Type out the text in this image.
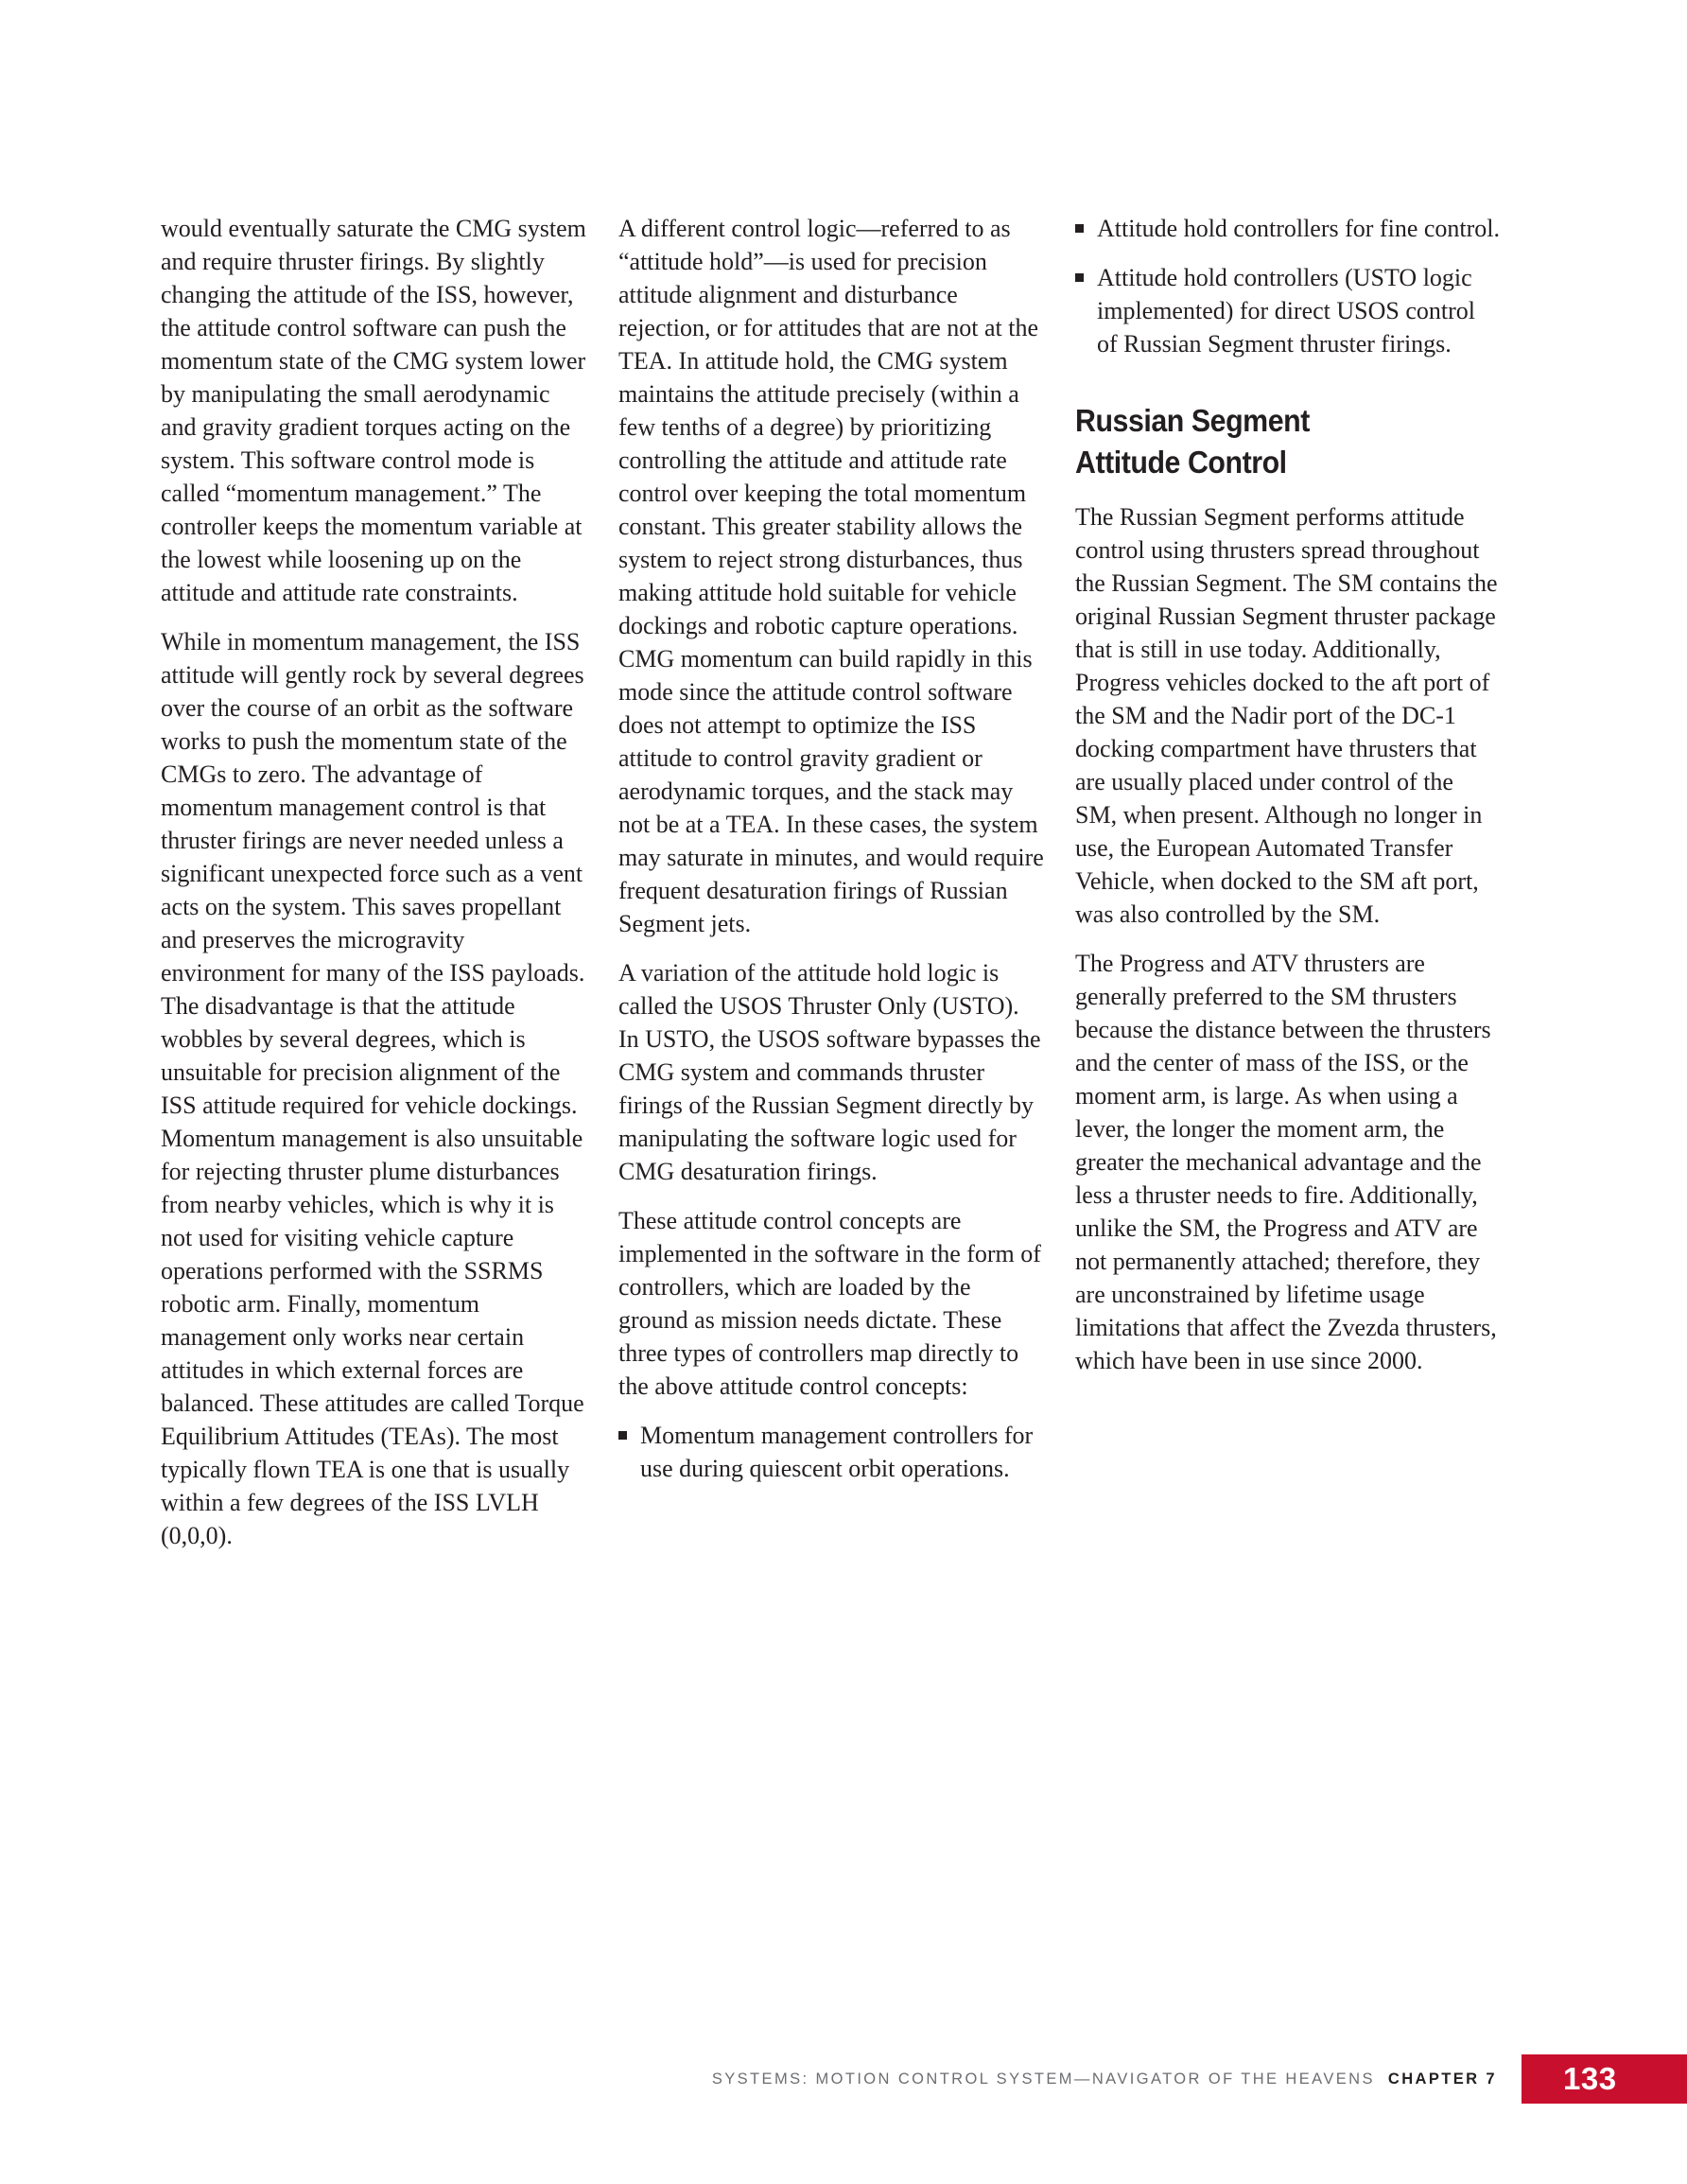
would eventually saturate the CMG system and require thruster firings. By slightly changing the attitude of the ISS, however, the attitude control software can push the momentum state of the CMG system lower by manipulating the small aerodynamic and gravity gradient torques acting on the system. This software control mode is called “momentum management.” The controller keeps the momentum variable at the lowest while loosening up on the attitude and attitude rate constraints.

While in momentum management, the ISS attitude will gently rock by several degrees over the course of an orbit as the software works to push the momentum state of the CMGs to zero. The advantage of momentum management control is that thruster firings are never needed unless a significant unexpected force such as a vent acts on the system. This saves propellant and preserves the microgravity environment for many of the ISS payloads. The disadvantage is that the attitude wobbles by several degrees, which is unsuitable for precision alignment of the ISS attitude required for vehicle dockings. Momentum management is also unsuitable for rejecting thruster plume disturbances from nearby vehicles, which is why it is not used for visiting vehicle capture operations performed with the SSRMS robotic arm. Finally, momentum management only works near certain attitudes in which external forces are balanced. These attitudes are called Torque Equilibrium Attitudes (TEAs). The most typically flown TEA is one that is usually within a few degrees of the ISS LVLH (0,0,0).

A different control logic—referred to as “attitude hold”—is used for precision attitude alignment and disturbance rejection, or for attitudes that are not at the TEA. In attitude hold, the CMG system maintains the attitude precisely (within a few tenths of a degree) by prioritizing controlling the attitude and attitude rate control over keeping the total momentum constant. This greater stability allows the system to reject strong disturbances, thus making attitude hold suitable for vehicle dockings and robotic capture operations. CMG momentum can build rapidly in this mode since the attitude control software does not attempt to optimize the ISS attitude to control gravity gradient or aerodynamic torques, and the stack may not be at a TEA. In these cases, the system may saturate in minutes, and would require frequent desaturation firings of Russian Segment jets.

A variation of the attitude hold logic is called the USOS Thruster Only (USTO). In USTO, the USOS software bypasses the CMG system and commands thruster firings of the Russian Segment directly by manipulating the software logic used for CMG desaturation firings.

These attitude control concepts are implemented in the software in the form of controllers, which are loaded by the ground as mission needs dictate. These three types of controllers map directly to the above attitude control concepts:

Momentum management controllers for use during quiescent orbit operations.
Attitude hold controllers for fine control.
Attitude hold controllers (USTO logic implemented) for direct USOS control of Russian Segment thruster firings.
Russian Segment
Attitude Control

The Russian Segment performs attitude control using thrusters spread throughout the Russian Segment. The SM contains the original Russian Segment thruster package that is still in use today. Additionally, Progress vehicles docked to the aft port of the SM and the Nadir port of the DC-1 docking compartment have thrusters that are usually placed under control of the SM, when present. Although no longer in use, the European Automated Transfer Vehicle, when docked to the SM aft port, was also controlled by the SM.

The Progress and ATV thrusters are generally preferred to the SM thrusters because the distance between the thrusters and the center of mass of the ISS, or the moment arm, is large. As when using a lever, the longer the moment arm, the greater the mechanical advantage and the less a thruster needs to fire. Additionally, unlike the SM, the Progress and ATV are not permanently attached; therefore, they are unconstrained by lifetime usage limitations that affect the Zvezda thrusters, which have been in use since 2000.

SYSTEMS: MOTION CONTROL SYSTEM—NAVIGATOR OF THE HEAVENS CHAPTER 7 133
